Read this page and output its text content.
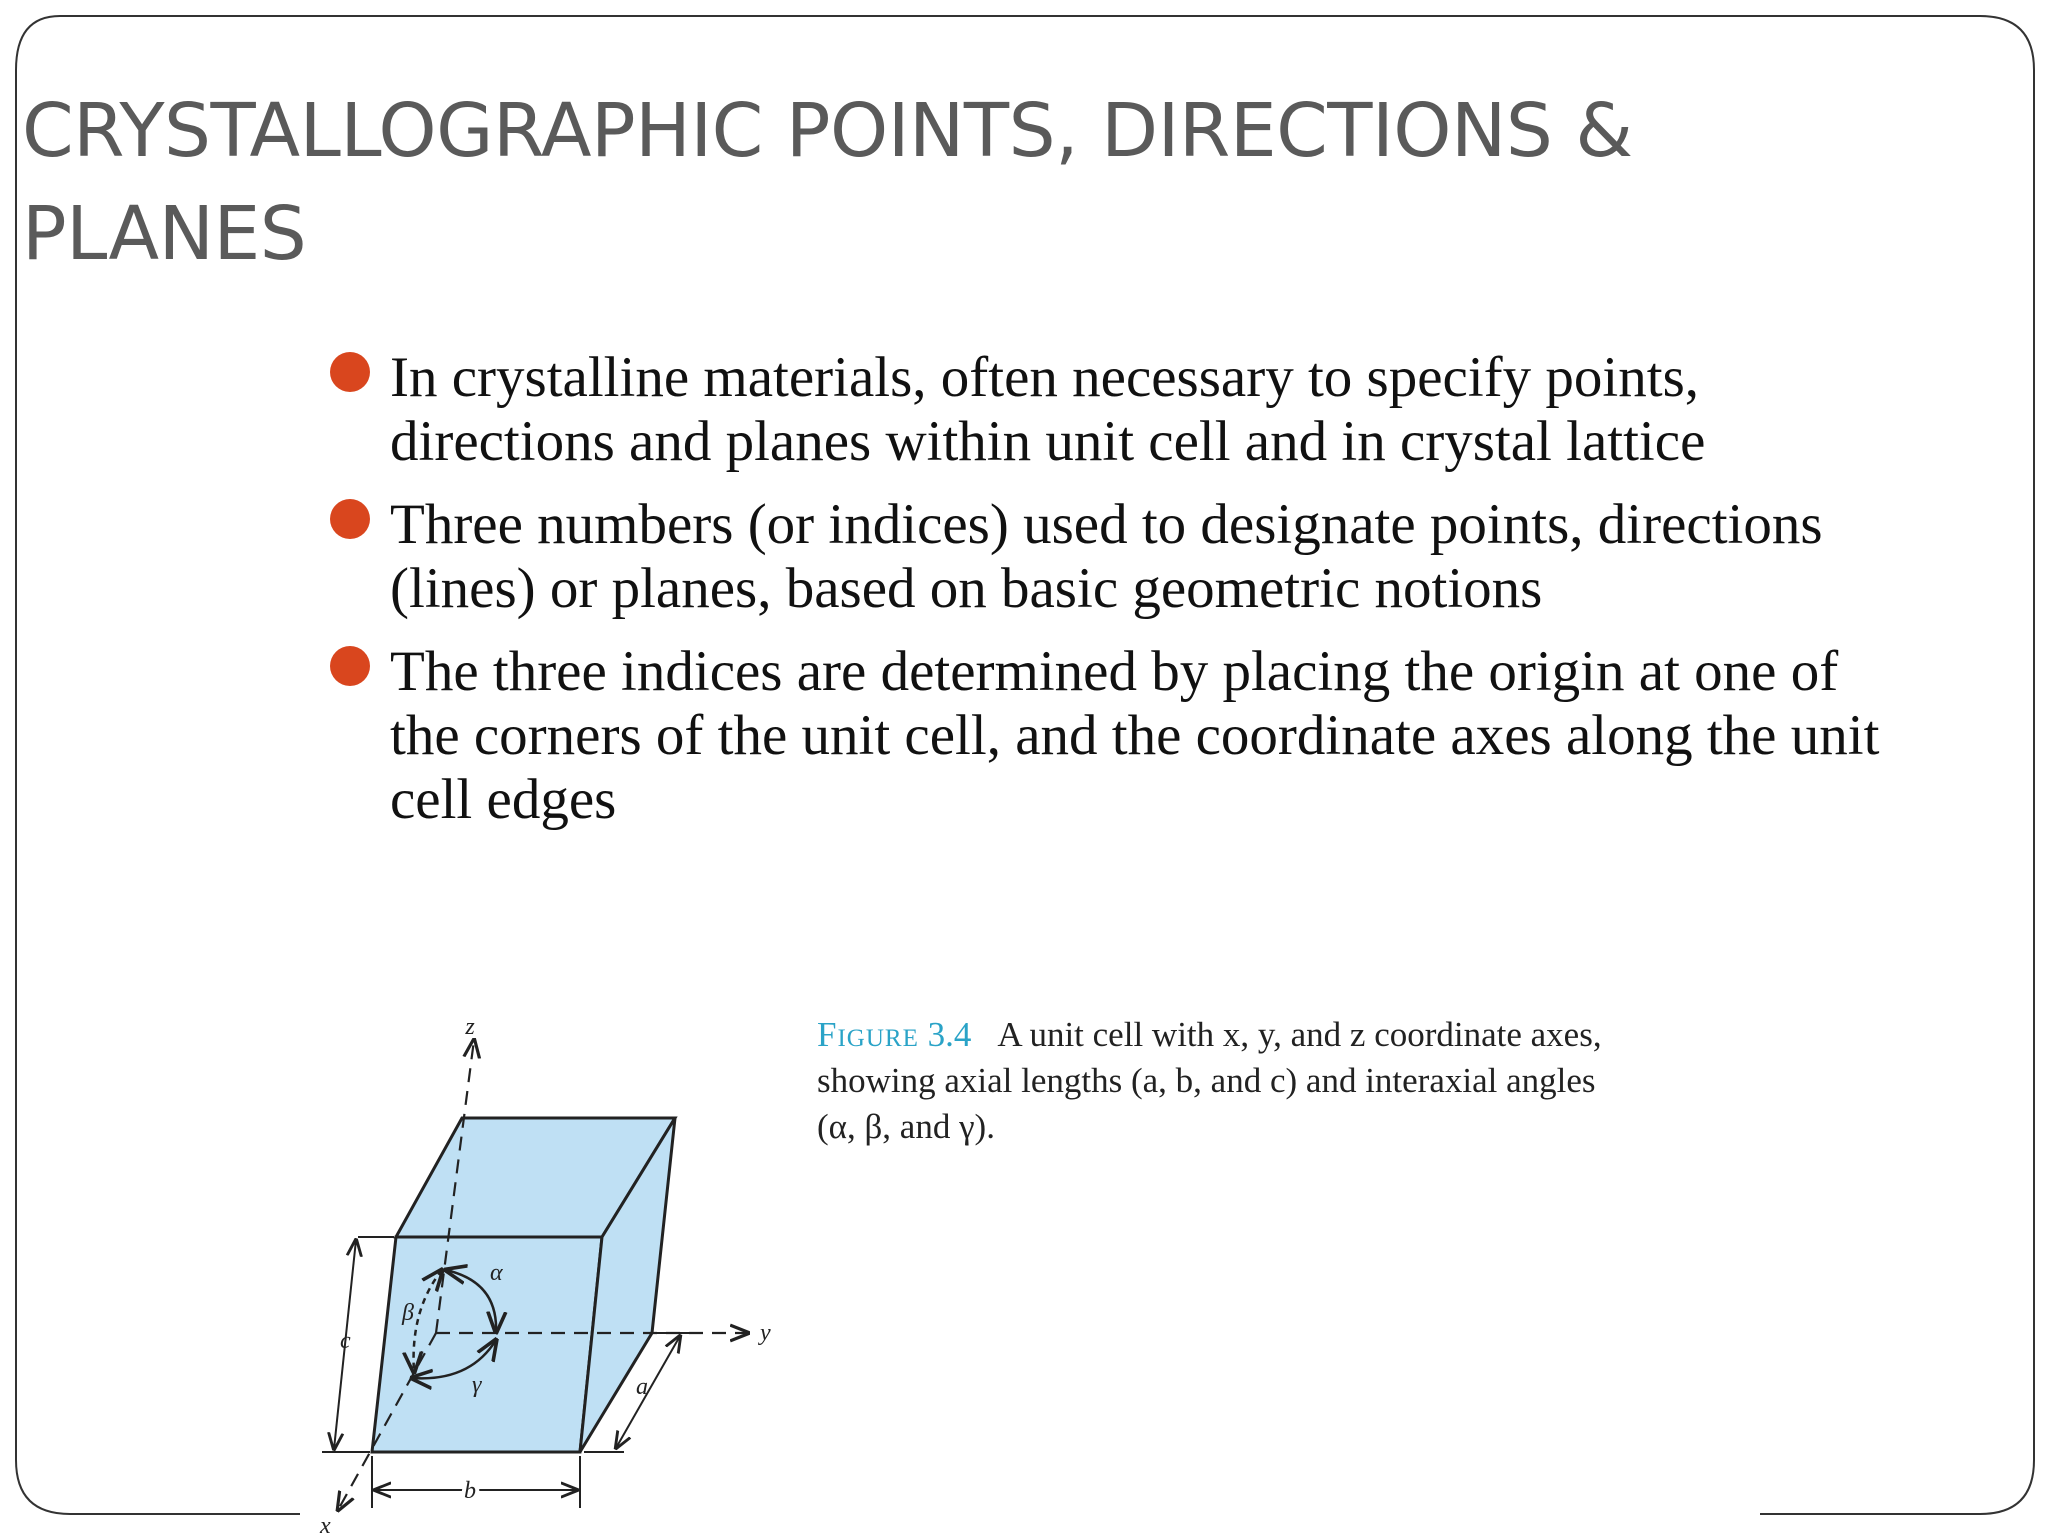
CRYSTALLOGRAPHIC POINTS, DIRECTIONS &
PLANES
In crystalline materials, often necessary to specify points,
directions and planes within unit cell and in crystal lattice
Three numbers (or indices) used to designate points, directions
(lines) or planes, based on basic geometric notions
The three indices are determined by placing the origin at one of
the corners of the unit cell, and the coordinate axes along the unit
cell edges
z
y
x
c
b
a
α
β
γ
Figure 3.4 A unit cell with x, y, and z coordinate axes,
showing axial lengths (a, b, and c) and interaxial angles
(α, β, and γ).
